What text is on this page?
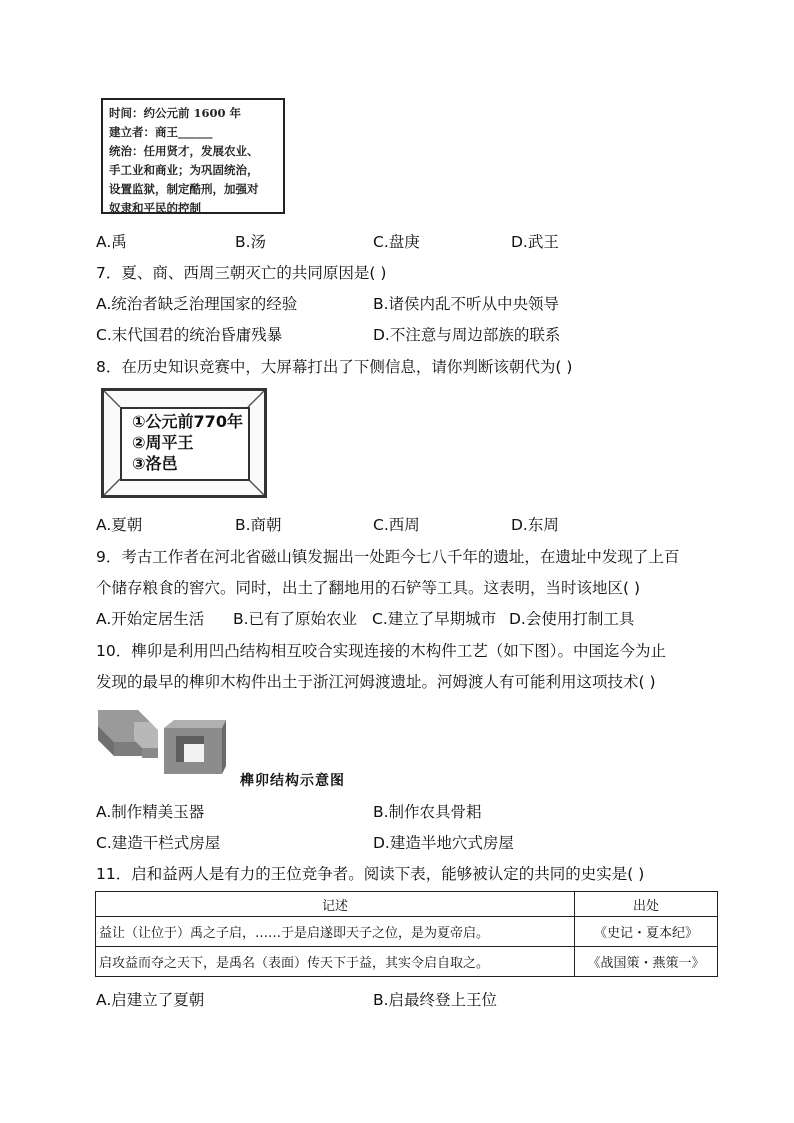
时间：约公元前 1600 年
建立者：商王______
统治：任用贤才，发展农业、
手工业和商业；为巩固统治，
设置监狱，制定酷刑，加强对
奴隶和平民的控制
A.禹	B.汤	C.盘庚	D.武王
7．夏、商、西周三朝灭亡的共同原因是( )
A.统治者缺乏治理国家的经验	B.诸侯内乱不听从中央领导
C.末代国君的统治昏庸残暴	D.不注意与周边部族的联系
8．在历史知识竞赛中，大屏幕打出了下侧信息，请你判断该朝代为( )
①公元前770年
②周平王
③洛邑
A.夏朝	B.商朝	C.西周	D.东周
9．考古工作者在河北省磁山镇发掘出一处距今七八千年的遗址，在遗址中发现了上百
个储存粮食的窖穴。同时，出土了翻地用的石铲等工具。这表明，当时该地区( )
A.开始定居生活 B.已有了原始农业 C.建立了早期城市 D.会使用打制工具
10．榫卯是利用凹凸结构相互咬合实现连接的木构件工艺（如下图）。中国迄今为止
发现的最早的榫卯木构件出土于浙江河姆渡遗址。河姆渡人有可能利用这项技术( )
榫卯结构示意图
A.制作精美玉器	B.制作农具骨耜
C.建造干栏式房屋	D.建造半地穴式房屋
11．启和益两人是有力的王位竞争者。阅读下表，能够被认定的共同的史实是( )
记述	出处
益让（让位于）禹之子启，……于是启遂即天子之位，是为夏帝启。	《史记・夏本纪》
启攻益而夺之天下，是禹名（表面）传天下于益，其实令启自取之。	《战国策・燕策一》
A.启建立了夏朝	B.启最终登上王位
